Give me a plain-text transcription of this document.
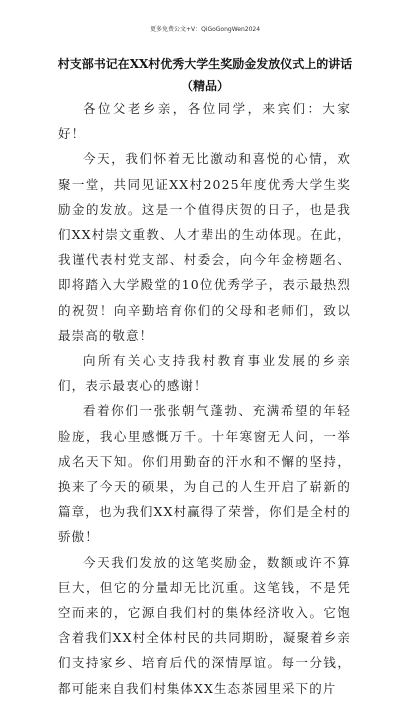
更多免费公文+V：QiGoGongWen2024
村支部书记在XX村优秀大学生奖励金发放仪式上的讲话
（精品）

各位父老乡亲，各位同学，来宾们：大家好！

今天，我们怀着无比激动和喜悦的心情，欢聚一堂，共同见证XX村2025年度优秀大学生奖励金的发放。这是一个值得庆贺的日子，也是我们XX村崇文重教、人才辈出的生动体现。在此，我谨代表村党支部、村委会，向今年金榜题名、即将踏入大学殿堂的10位优秀学子，表示最热烈的祝贺！向辛勤培育你们的父母和老师们，致以最崇高的敬意！

向所有关心支持我村教育事业发展的乡亲们，表示最衷心的感谢！

看着你们一张张朝气蓬勃、充满希望的年轻脸庞，我心里感慨万千。十年寒窗无人问，一举成名天下知。你们用勤奋的汗水和不懈的坚持，换来了今天的硕果，为自己的人生开启了崭新的篇章，也为我们XX村赢得了荣誉，你们是全村的骄傲！

今天我们发放的这笔奖励金，数额或许不算巨大，但它的分量却无比沉重。这笔钱，不是凭空而来的，它源自我们村的集体经济收入。它饱含着我们XX村全体村民的共同期盼，凝聚着乡亲们支持家乡、培育后代的深情厚谊。每一分钱，都可能来自我们村集体XX生态茶园里采下的片
